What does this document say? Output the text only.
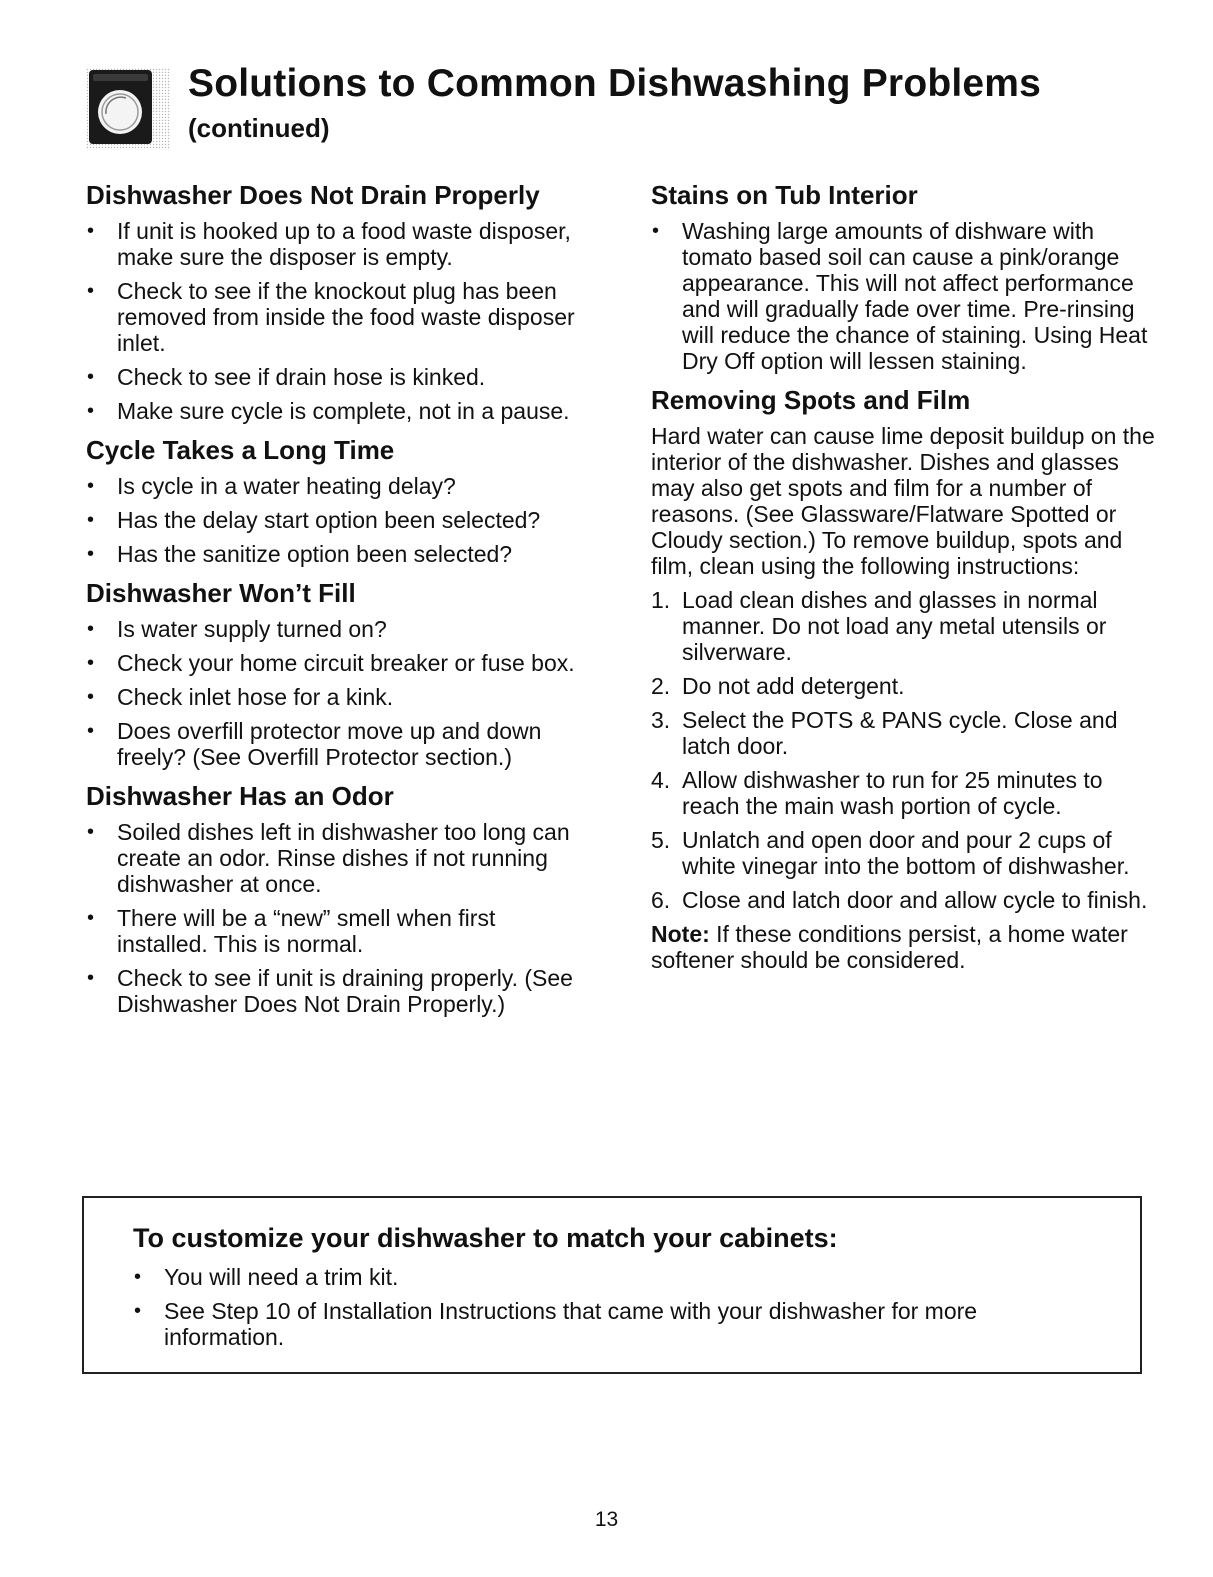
Solutions to Common Dishwashing Problems
(continued)
Dishwasher Does Not Drain Properly
• If unit is hooked up to a food waste disposer, make sure the disposer is empty.
• Check to see if the knockout plug has been removed from inside the food waste disposer inlet.
• Check to see if drain hose is kinked.
• Make sure cycle is complete, not in a pause.
Cycle Takes a Long Time
• Is cycle in a water heating delay?
• Has the delay start option been selected?
• Has the sanitize option been selected?
Dishwasher Won’t Fill
• Is water supply turned on?
• Check your home circuit breaker or fuse box.
• Check inlet hose for a kink.
• Does overfill protector move up and down freely? (See Overfill Protector section.)
Dishwasher Has an Odor
• Soiled dishes left in dishwasher too long can create an odor. Rinse dishes if not running dishwasher at once.
• There will be a “new” smell when first installed. This is normal.
• Check to see if unit is draining properly. (See Dishwasher Does Not Drain Properly.)
Stains on Tub Interior
• Washing large amounts of dishware with tomato based soil can cause a pink/orange appearance. This will not affect performance and will gradually fade over time. Pre-rinsing will reduce the chance of staining. Using Heat Dry Off option will lessen staining.
Removing Spots and Film

Hard water can cause lime deposit buildup on the interior of the dishwasher. Dishes and glasses may also get spots and film for a number of reasons. (See Glassware/Flatware Spotted or Cloudy section.) To remove buildup, spots and film, clean using the following instructions:

1. Load clean dishes and glasses in normal manner. Do not load any metal utensils or silverware.
2. Do not add detergent.
3. Select the POTS & PANS cycle. Close and latch door.
4. Allow dishwasher to run for 25 minutes to reach the main wash portion of cycle.
5. Unlatch and open door and pour 2 cups of white vinegar into the bottom of dishwasher.
6. Close and latch door and allow cycle to finish.

Note: If these conditions persist, a home water softener should be considered.

To customize your dishwasher to match your cabinets:
• You will need a trim kit.
• See Step 10 of Installation Instructions that came with your dishwasher for more information.
13
